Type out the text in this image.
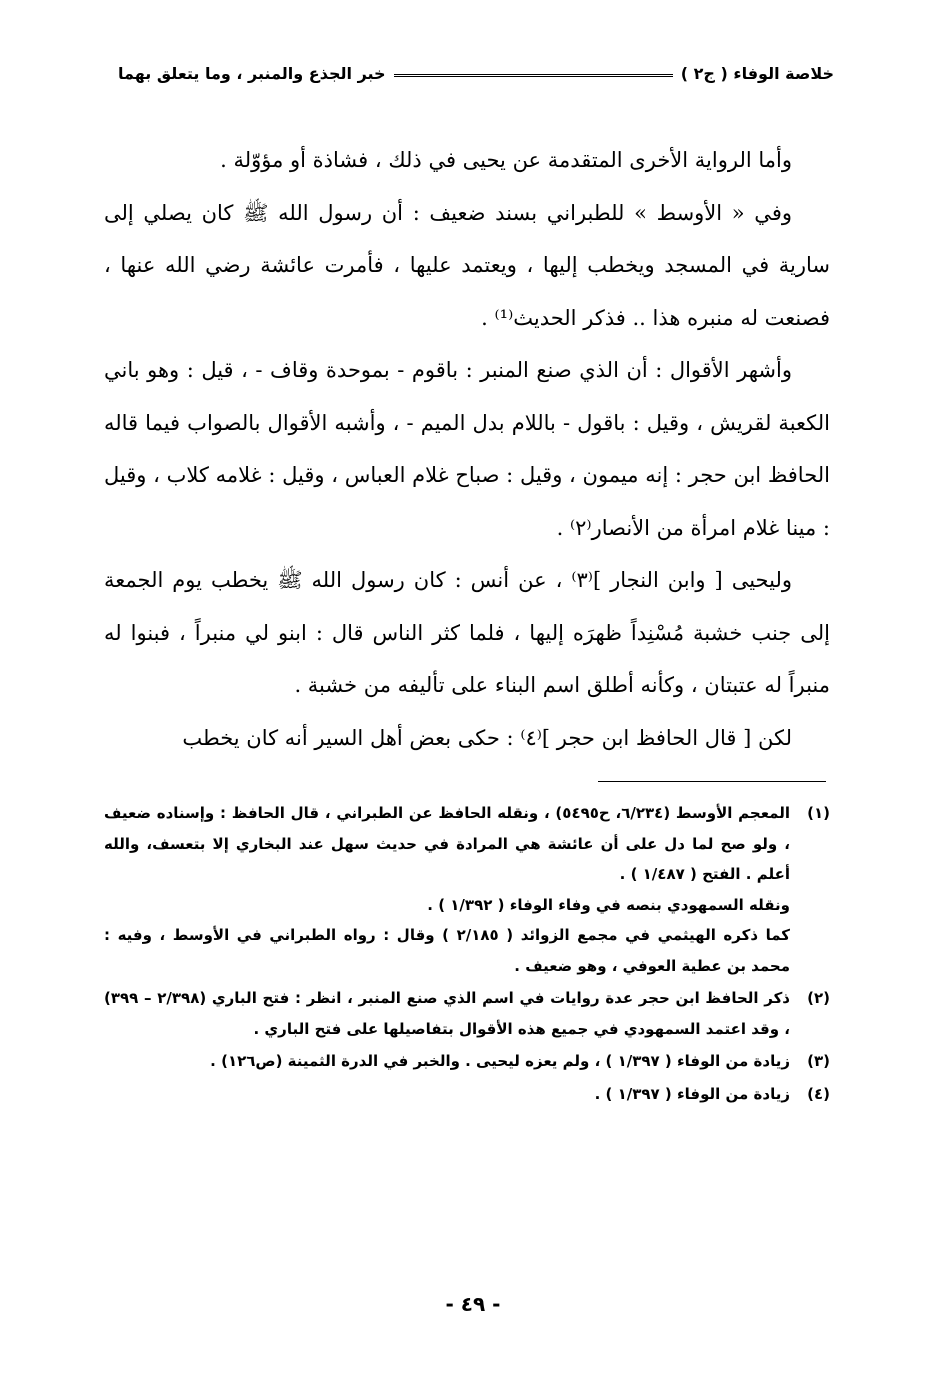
خلاصة الوفاء ( ج٢ )
خبر الجذع والمنبر ، وما يتعلق بهما

وأما الرواية الأخرى المتقدمة عن يحيى في ذلك ، فشاذة أو مؤوّلة .

وفي « الأوسط » للطبراني بسند ضعيف : أن رسول الله ﷺ كان يصلي إلى سارية في المسجد ويخطب إليها ، ويعتمد عليها ، فأمرت عائشة رضي الله عنها ، فصنعت له منبره هذا .. فذكر الحديث⁽¹⁾ .

وأشهر الأقوال : أن الذي صنع المنبر : باقوم - بموحدة وقاف - ، قيل : وهو باني الكعبة لقريش ، وقيل : باقول - باللام بدل الميم - ، وأشبه الأقوال بالصواب فيما قاله الحافظ ابن حجر : إنه ميمون ، وقيل : صباح غلام العباس ، وقيل : غلامه كلاب ، وقيل : مينا غلام امرأة من الأنصار⁽٢⁾ .

وليحيى [ وابن النجار ]⁽٣⁾ ، عن أنس : كان رسول الله ﷺ يخطب يوم الجمعة إلى جنب خشبة مُسْنِداً ظهرَه إليها ، فلما كثر الناس قال : ابنو لي منبراً ، فبنوا له منبراً له عتبتان ، وكأنه أطلق اسم البناء على تأليفه من خشبة .

لكن [ قال الحافظ ابن حجر ]⁽٤⁾ : حكى بعض أهل السير أنه كان يخطب

(١)
المعجم الأوسط (٦/٢٣٤، ح٥٤٩٥) ، ونقله الحافظ عن الطبراني ، قال الحافظ : وإسناده ضعيف ، ولو صح لما دل على أن عائشة هي المرادة في حديث سهل عند البخاري إلا بتعسف، والله أعلم . الفتح ( ١/٤٨٧ ) .
ونقله السمهودي بنصه في وفاء الوفاء ( ١/٣٩٢ ) .
كما ذكره الهيثمي في مجمع الزوائد ( ٢/١٨٥ ) وقال : رواه الطبراني في الأوسط ، وفيه : محمد بن عطية العوفي ، وهو ضعيف .
(٢)
ذكر الحافظ ابن حجر عدة روايات في اسم الذي صنع المنبر ، انظر : فتح الباري (٢/٣٩٨ – ٣٩٩) ، وقد اعتمد السمهودي في جميع هذه الأقوال بتفاصيلها على فتح الباري .
(٣)
زيادة من الوفاء ( ١/٣٩٧ ) ، ولم يعزه ليحيى . والخبر في الدرة الثمينة (ص١٢٦) .
(٤)
زيادة من الوفاء ( ١/٣٩٧ ) .
- ٤٩ -
